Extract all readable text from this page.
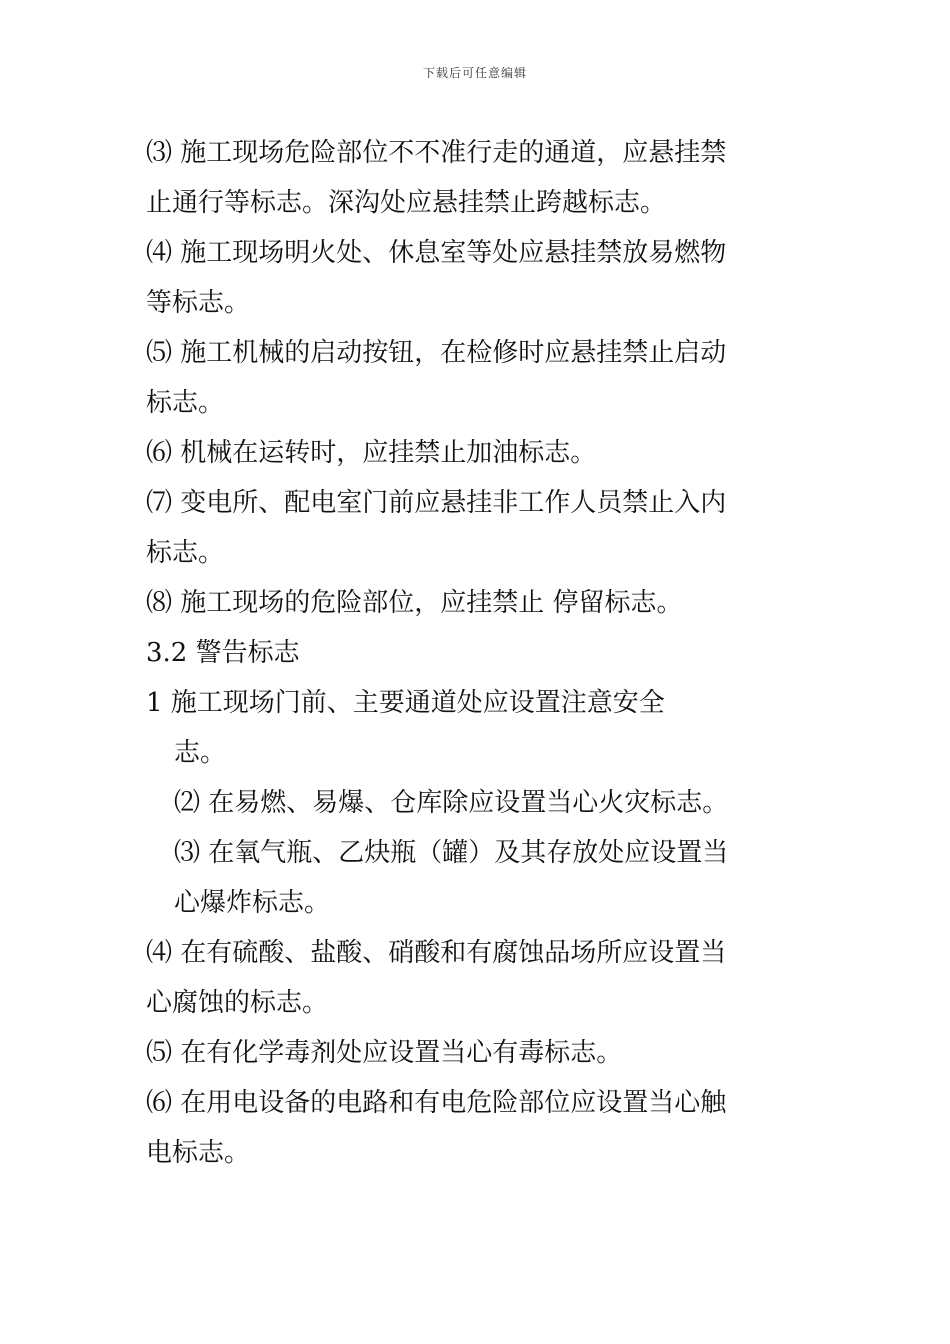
下载后可任意编辑
⑶ 施工现场危险部位不不准行走的通道，应悬挂禁
止通行等标志。深沟处应悬挂禁止跨越标志。
⑷ 施工现场明火处、休息室等处应悬挂禁放易燃物
等标志。
⑸ 施工机械的启动按钮，在检修时应悬挂禁止启动
标志。
⑹ 机械在运转时，应挂禁止加油标志。
⑺ 变电所、配电室门前应悬挂非工作人员禁止入内
标志。
⑻ 施工现场的危险部位，应挂禁止 停留标志。
3.2 警告标志
1 施工现场门前、主要通道处应设置注意安全
志。
⑵ 在易燃、易爆、仓库除应设置当心火灾标志。
⑶ 在氧气瓶、乙炔瓶（罐）及其存放处应设置当
心爆炸标志。
⑷ 在有硫酸、盐酸、硝酸和有腐蚀品场所应设置当
心腐蚀的标志。
⑸ 在有化学毒剂处应设置当心有毒标志。
⑹ 在用电设备的电路和有电危险部位应设置当心触
电标志。
